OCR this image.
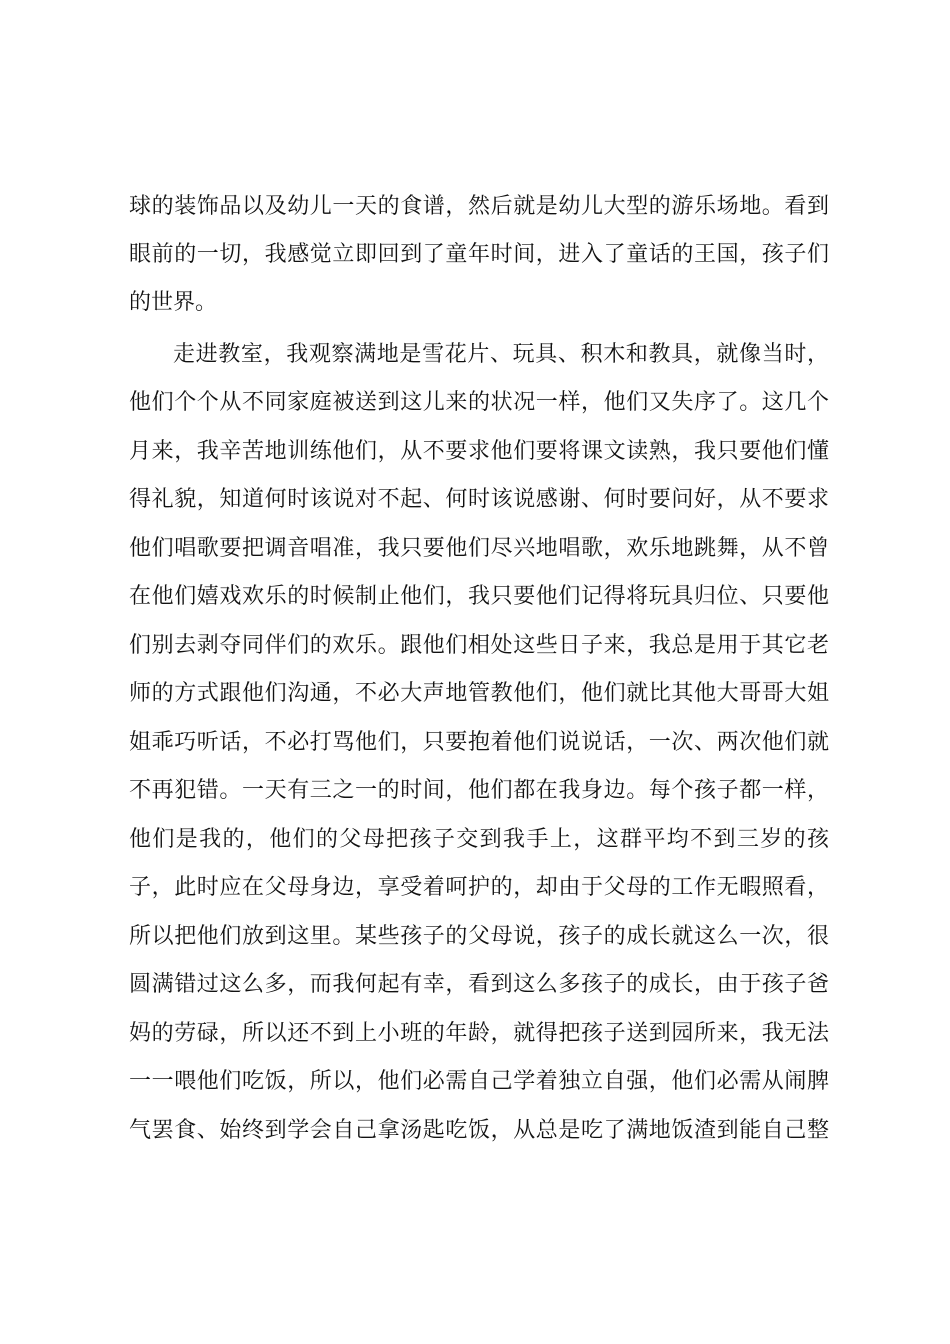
球的装饰品以及幼儿一天的食谱，然后就是幼儿大型的游乐场地。看到
眼前的一切，我感觉立即回到了童年时间，进入了童话的王国，孩子们
的世界。
走进教室，我观察满地是雪花片、玩具、积木和教具，就像当时，
他们个个从不同家庭被送到这儿来的状况一样，他们又失序了。这几个
月来，我辛苦地训练他们，从不要求他们要将课文读熟，我只要他们懂
得礼貌，知道何时该说对不起、何时该说感谢、何时要问好，从不要求
他们唱歌要把调音唱准，我只要他们尽兴地唱歌，欢乐地跳舞，从不曾
在他们嬉戏欢乐的时候制止他们，我只要他们记得将玩具归位、只要他
们别去剥夺同伴们的欢乐。跟他们相处这些日子来，我总是用于其它老
师的方式跟他们沟通，不必大声地管教他们，他们就比其他大哥哥大姐
姐乖巧听话，不必打骂他们，只要抱着他们说说话，一次、两次他们就
不再犯错。一天有三之一的时间，他们都在我身边。每个孩子都一样，
他们是我的，他们的父母把孩子交到我手上，这群平均不到三岁的孩
子，此时应在父母身边，享受着呵护的，却由于父母的工作无暇照看，
所以把他们放到这里。某些孩子的父母说，孩子的成长就这么一次，很
圆满错过这么多，而我何起有幸，看到这么多孩子的成长，由于孩子爸
妈的劳碌，所以还不到上小班的年龄，就得把孩子送到园所来，我无法
一一喂他们吃饭，所以，他们必需自己学着独立自强，他们必需从闹脾
气罢食、始终到学会自己拿汤匙吃饭，从总是吃了满地饭渣到能自己整
